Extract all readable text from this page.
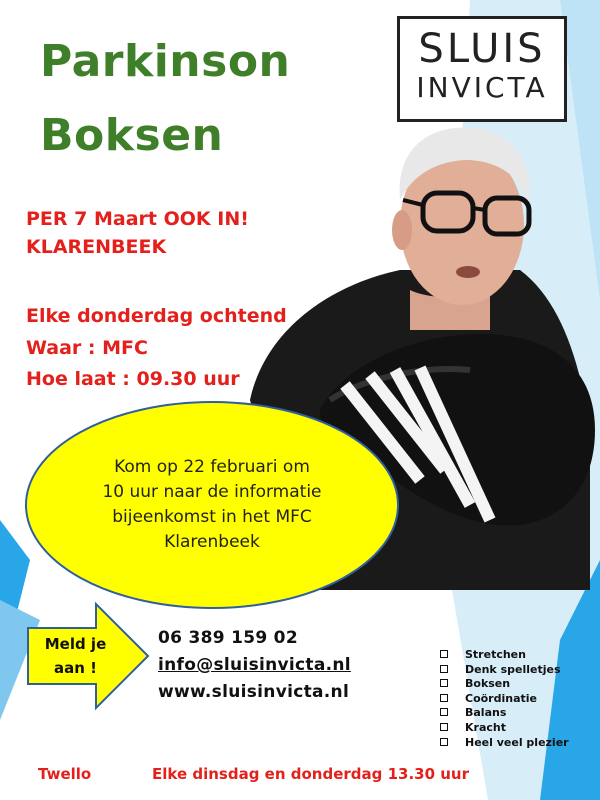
Parkinson
Boksen
SLUIS
INVICTA
PER 7 Maart OOK IN!
KLARENBEEK
Elke donderdag ochtend
Waar : MFC
Hoe laat : 09.30 uur
Kom op 22 februari om
10 uur naar de informatie
bijeenkomst in het MFC
Klarenbeek
Meld je
aan !
06 389 159 02
info@sluisinvicta.nl
www.sluisinvicta.nl
Stretchen
Denk spelletjes
Boksen
Coördinatie
Balans
Kracht
Heel veel plezier
Twello	Elke dinsdag en donderdag 13.30 uur
